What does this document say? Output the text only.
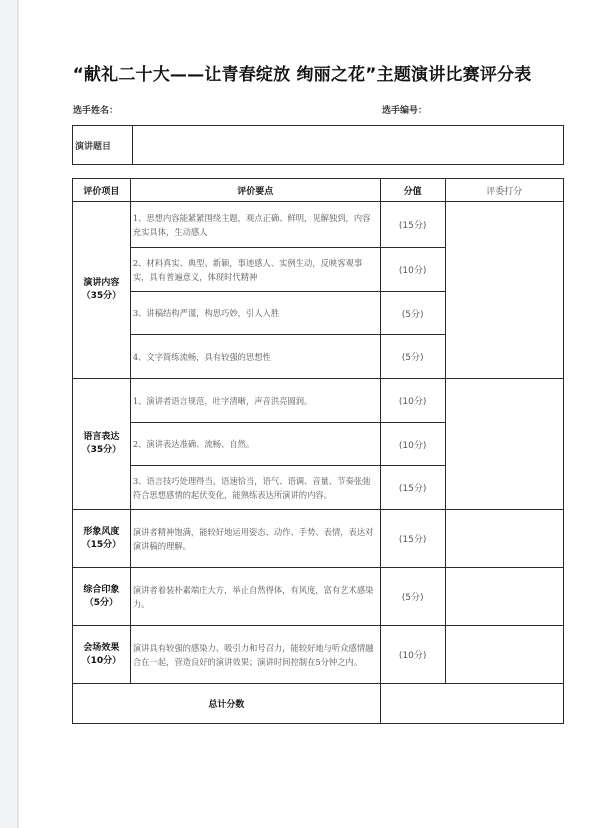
“献礼二十大——让青春绽放 绚丽之花”主题演讲比赛评分表
选手姓名：	选手编号：
演讲题目	
评价项目	评价要点	分值	评委打分

演讲内容
（35分）	1、思想内容能紧紧围绕主题，观点正确、鲜明，见解独到，内容充实具体，生动感人	(15分)	
	2、材料真实、典型、新颖，事迹感人、实例生动，反映客观事实，具有普遍意义，体现时代精神	(10分)	
	3、讲稿结构严谨，构思巧妙，引人入胜	(5分)	
	4、文字简练流畅，具有较强的思想性	(5分)	

语言表达
（35分）	1、演讲者语言规范，吐字清晰，声音洪亮圆润。	(10分)	
	2、演讲表达准确、流畅、自然。	(10分)	
	3、语言技巧处理得当，语速恰当，语气、语调、音量、节奏张弛符合思想感情的起伏变化，能熟练表达所演讲的内容。	(15分)	

形象风度
（15分）	演讲者精神饱满，能较好地运用姿态、动作、手势、表情，表达对演讲稿的理解。	(15分)	

综合印象
（5分）	演讲者着装朴素端庄大方，举止自然得体，有风度，富有艺术感染力。	(5分)	

会场效果
（10分）	演讲具有较强的感染力、吸引力和号召力，能较好地与听众感情融合在一起，营造良好的演讲效果；演讲时间控制在5分钟之内。	(10分)	
总计分数			
